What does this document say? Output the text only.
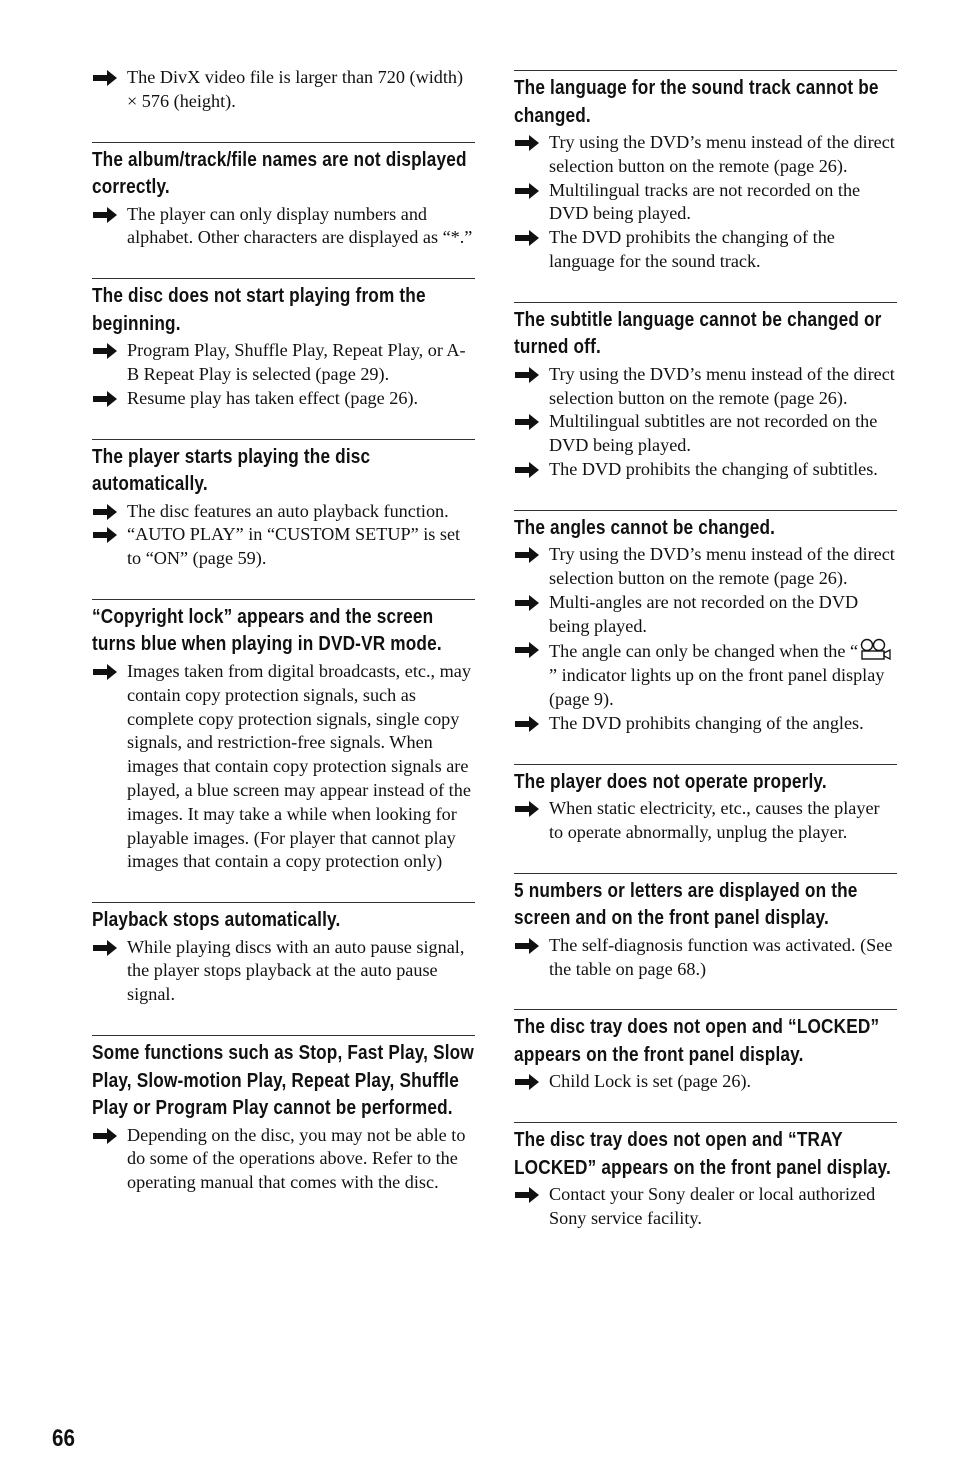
The DivX video file is larger than 720 (width) × 576 (height).
The album/track/file names are not displayed correctly.
The player can only display numbers and alphabet. Other characters are displayed as “*.”
The disc does not start playing from the beginning.
Program Play, Shuffle Play, Repeat Play, or A-B Repeat Play is selected (page 29).
Resume play has taken effect (page 26).
The player starts playing the disc automatically.
The disc features an auto playback function.
“AUTO PLAY” in “CUSTOM SETUP” is set to “ON” (page 59).
“Copyright lock” appears and the screen turns blue when playing in DVD-VR mode.
Images taken from digital broadcasts, etc., may contain copy protection signals, such as complete copy protection signals, single copy signals, and restriction-free signals. When images that contain copy protection signals are played, a blue screen may appear instead of the images. It may take a while when looking for playable images. (For player that cannot play images that contain a copy protection only)
Playback stops automatically.
While playing discs with an auto pause signal, the player stops playback at the auto pause signal.
Some functions such as Stop, Fast Play, Slow Play, Slow-motion Play, Repeat Play, Shuffle Play or Program Play cannot be performed.
Depending on the disc, you may not be able to do some of the operations above. Refer to the operating manual that comes with the disc.
The language for the sound track cannot be changed.
Try using the DVD’s menu instead of the direct selection button on the remote (page 26).
Multilingual tracks are not recorded on the DVD being played.
The DVD prohibits the changing of the language for the sound track.
The subtitle language cannot be changed or turned off.
Try using the DVD’s menu instead of the direct selection button on the remote (page 26).
Multilingual subtitles are not recorded on the DVD being played.
The DVD prohibits the changing of subtitles.
The angles cannot be changed.
Try using the DVD’s menu instead of the direct selection button on the remote (page 26).
Multi-angles are not recorded on the DVD being played.
The angle can only be changed when the “” indicator lights up on the front panel display (page 9).
The DVD prohibits changing of the angles.
The player does not operate properly.
When static electricity, etc., causes the player to operate abnormally, unplug the player.
5 numbers or letters are displayed on the screen and on the front panel display.
The self-diagnosis function was activated. (See the table on page 68.)
The disc tray does not open and “LOCKED” appears on the front panel display.
Child Lock is set (page 26).
The disc tray does not open and “TRAY LOCKED” appears on the front panel display.
Contact your Sony dealer or local authorized Sony service facility.
66
